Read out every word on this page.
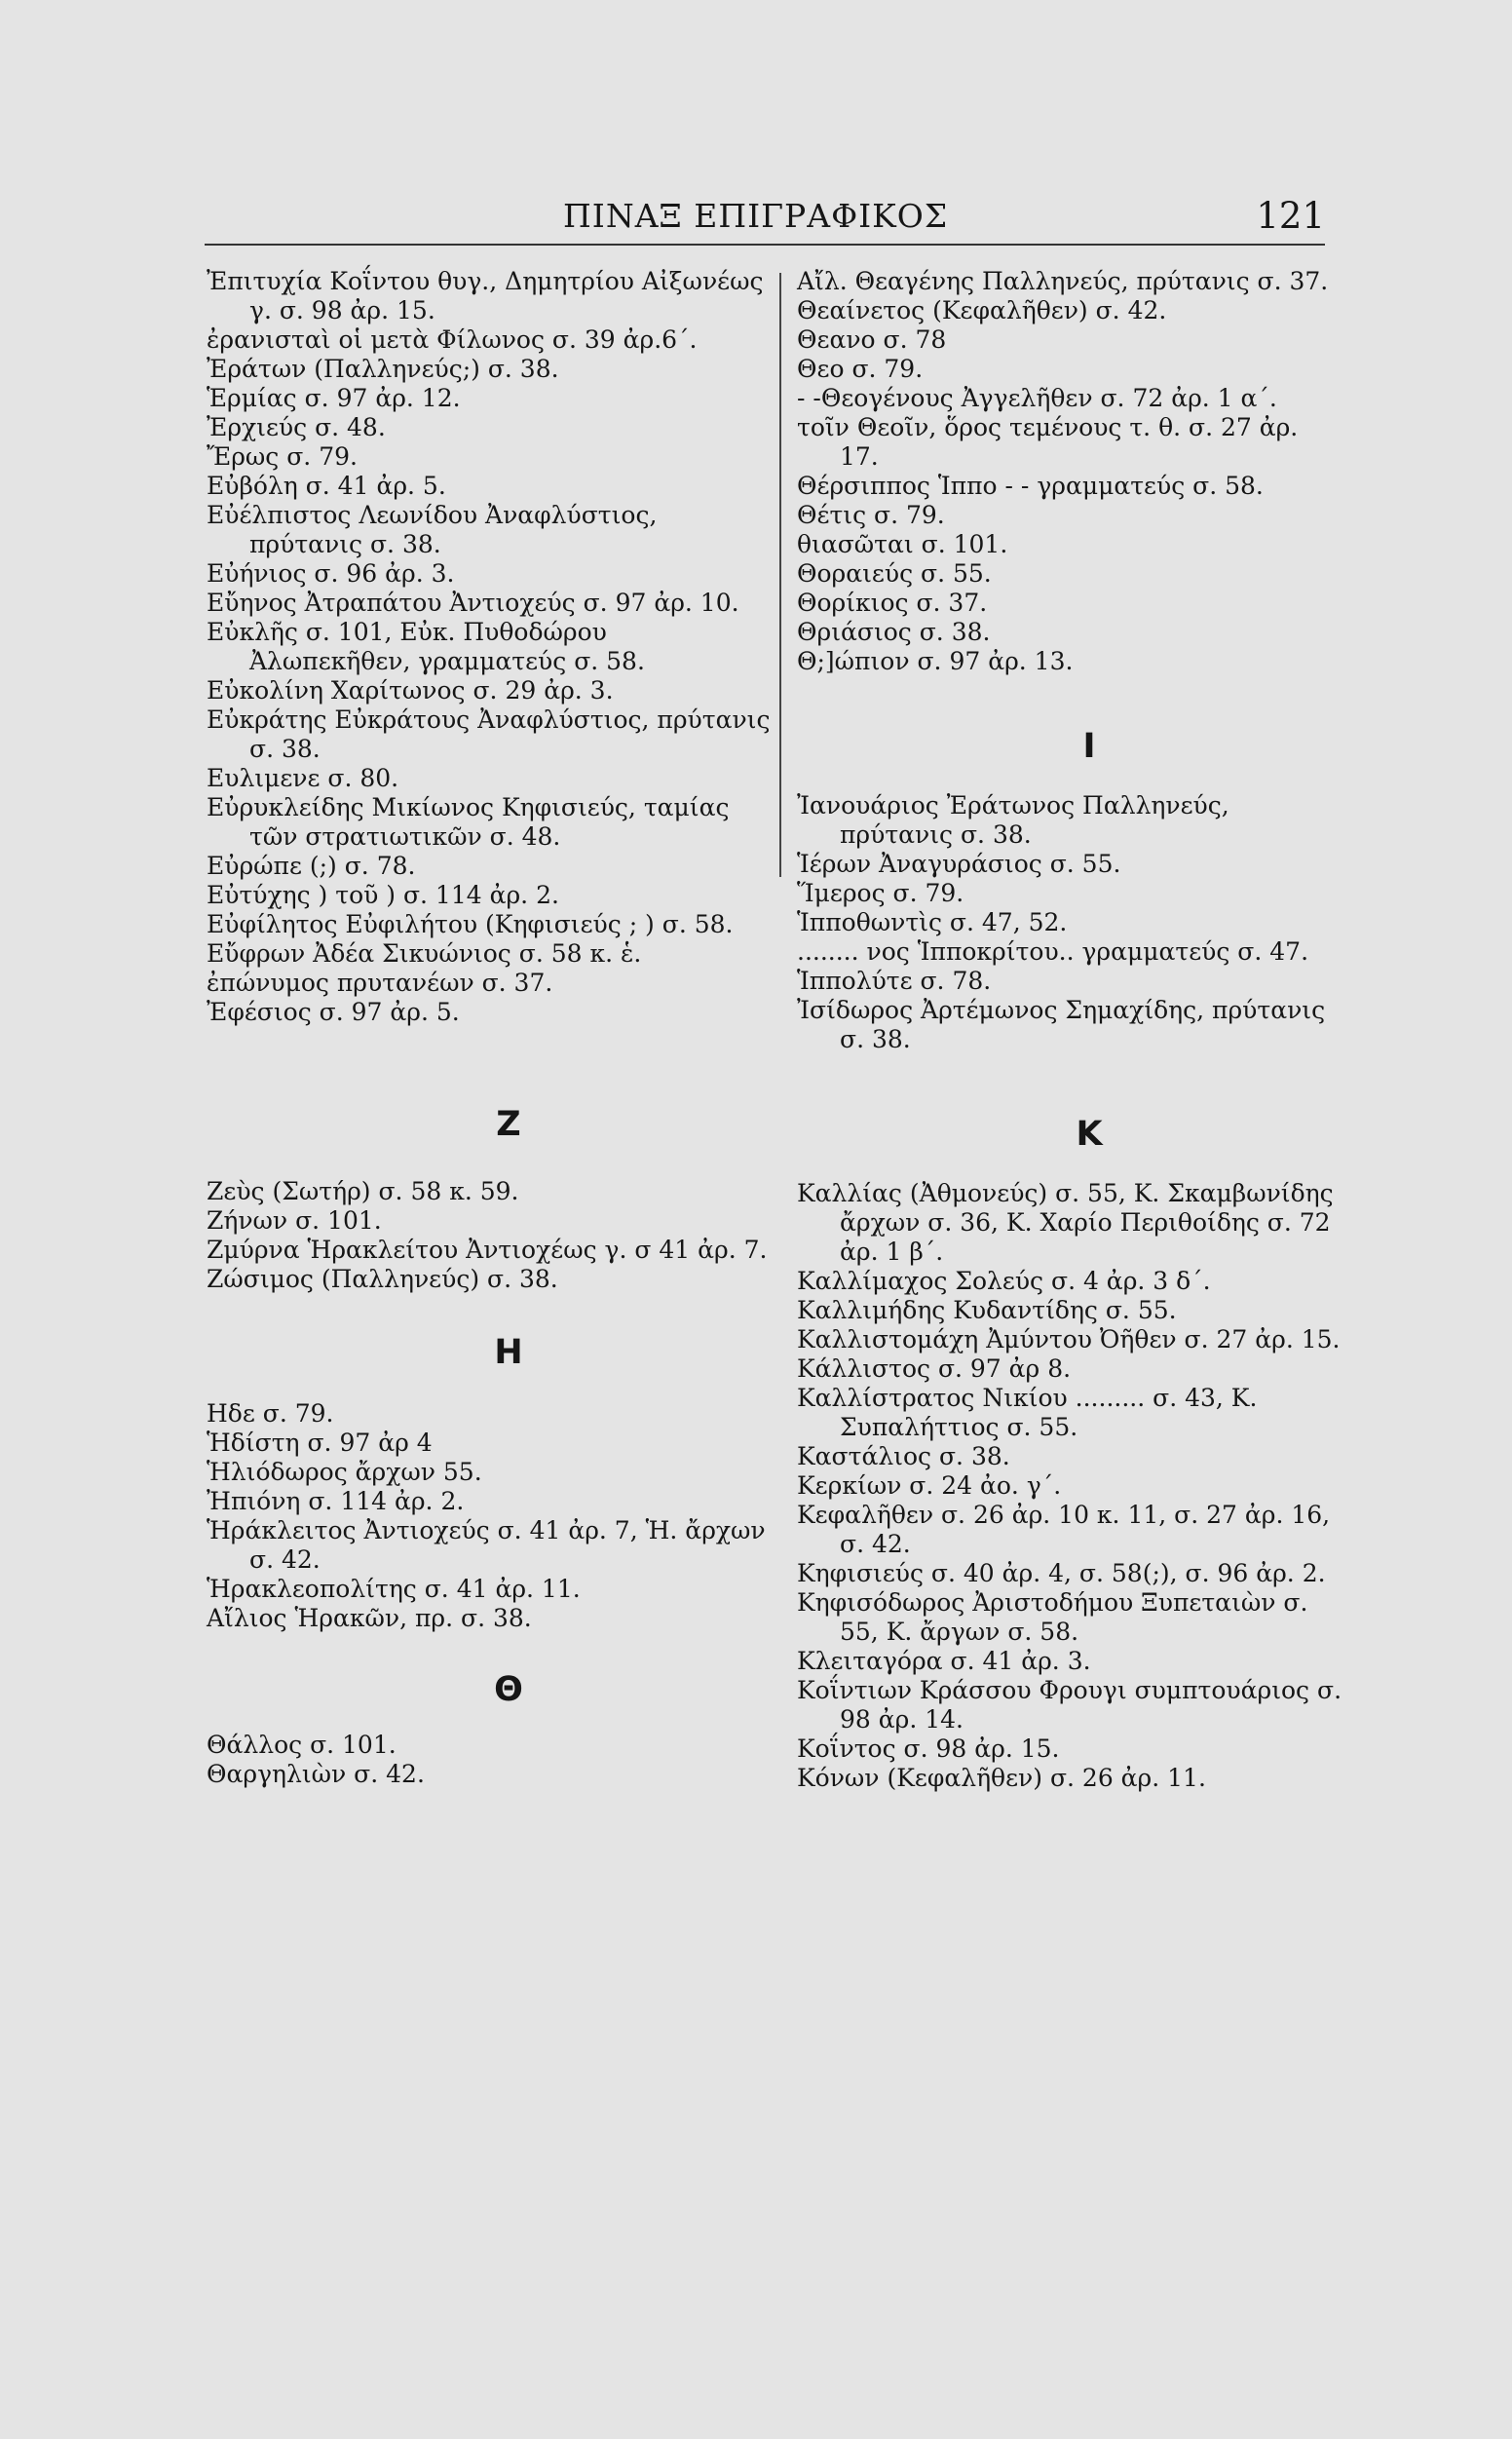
ΠΙΝΑΞ ΕΠΙΓΡΑΦΙΚΟΣ	121

Ἐπιτυχία Κοΐντου θυγ., Δημητρίου Αἰξωνέως γ. σ. 98 ἀρ. 15.

ἐρανισταὶ οἱ μετὰ Φίλωνος σ. 39 ἀρ.6΄.

Ἐράτων (Παλληνεύς;) σ. 38.

Ἑρμίας σ. 97 ἀρ. 12.

Ἐρχιεύς σ. 48.

Ἔρως σ. 79.

Εὐβόλη σ. 41 ἀρ. 5.

Εὐέλπιστος Λεωνίδου Ἀναφλύστιος, πρύτανις σ. 38.

Εὐήνιος σ. 96 ἀρ. 3.

Εὔηνος Ἀτραπάτου Ἀντιοχεύς σ. 97 ἀρ. 10.

Εὐκλῆς σ. 101, Εὐκ. Πυθοδώρου Ἀλωπεκῆθεν, γραμματεύς σ. 58.

Εὐκολίνη Χαρίτωνος σ. 29 ἀρ. 3.

Εὐκράτης Εὐκράτους Ἀναφλύστιος, πρύτανις σ. 38.

Ευλιμενε σ. 80.

Εὐρυκλείδης Μικίωνος Κηφισιεύς, ταμίας τῶν στρατιωτικῶν σ. 48.

Εὐρώπε (;) σ. 78.

Εὐτύχης ) τοῦ ) σ. 114 ἀρ. 2.

Εὐφίλητος Εὐφιλήτου (Κηφισιεύς ; ) σ. 58.

Εὔφρων Ἀδέα Σικυώνιος σ. 58 κ. ἑ.

ἐπώνυμος πρυτανέων σ. 37.

Ἐφέσιος σ. 97 ἀρ. 5.

Z

Ζεὺς (Σωτήρ) σ. 58 κ. 59.

Ζήνων σ. 101.

Ζμύρνα Ἡρακλείτου Ἀντιοχέως γ. σ 41 ἀρ. 7.

Ζώσιμος (Παλληνεύς) σ. 38.

H

Ηδε σ. 79.

Ἡδίστη σ. 97 ἀρ 4

Ἡλιόδωρος ἄρχων 55.

Ἠπιόνη σ. 114 ἀρ. 2.

Ἡράκλειτος Ἀντιοχεύς σ. 41 ἀρ. 7, Ἡ. ἄρχων σ. 42.

Ἡρακλεοπολίτης σ. 41 ἀρ. 11.

Αἴλιος Ἡρακῶν, πρ. σ. 38.

Θ

Θάλλος σ. 101.

Θαργηλιὼν σ. 42.

Αἴλ. Θεαγένης Παλληνεύς, πρύτανις σ. 37.

Θεαίνετος (Κεφαλῆθεν) σ. 42.

Θεανο σ. 78

Θεο σ. 79.

- -Θεογένους Ἀγγελῆθεν σ. 72 ἀρ. 1 α΄.

τοῖν Θεοῖν, ὅρος τεμένους τ. θ. σ. 27 ἀρ. 17.

Θέρσιππος Ἱππο - - γραμματεύς σ. 58.

Θέτις σ. 79.

θιασῶται σ. 101.

Θοραιεύς σ. 55.

Θορίκιος σ. 37.

Θριάσιος σ. 38.

Θ;]ώπιον σ. 97 ἀρ. 13.

I

Ἰανουάριος Ἐράτωνος Παλληνεύς, πρύτανις σ. 38.

Ἱέρων Ἀναγυράσιος σ. 55.

Ἵμερος σ. 79.

Ἱπποθωντὶς σ. 47, 52.

........ νος Ἱπποκρίτου.. γραμματεύς σ. 47.

Ἱππολύτε σ. 78.

Ἰσίδωρος Ἀρτέμωνος Σημαχίδης, πρύτανις σ. 38.

K

Καλλίας (Ἀθμονεύς) σ. 55, Κ. Σκαμβωνίδης ἄρχων σ. 36, Κ. Χαρίο Περιθοίδης σ. 72 ἀρ. 1 β΄.

Καλλίμαχος Σολεύς σ. 4 ἀρ. 3 δ΄.

Καλλιμήδης Κυδαντίδης σ. 55.

Καλλιστομάχη Ἀμύντου Ὀῆθεν σ. 27 ἀρ. 15.

Κάλλιστος σ. 97 ἀρ 8.

Καλλίστρατος Νικίου ......... σ. 43, Κ. Συπαλήττιος σ. 55.

Καστάλιος σ. 38.

Κερκίων σ. 24 ἀο. γ΄.

Κεφαλῆθεν σ. 26 ἀρ. 10 κ. 11, σ. 27 ἀρ. 16, σ. 42.

Κηφισιεύς σ. 40 ἀρ. 4, σ. 58(;), σ. 96 ἀρ. 2.

Κηφισόδωρος Ἀριστοδήμου Ξυπεταιὼν σ. 55, Κ. ἄργων σ. 58.

Κλειταγόρα σ. 41 ἀρ. 3.

Κοΐντιων Κράσσου Φρουγι συμπτουάριος σ. 98 ἀρ. 14.

Κοΐντος σ. 98 ἀρ. 15.

Κόνων (Κεφαλῆθεν) σ. 26 ἀρ. 11.
